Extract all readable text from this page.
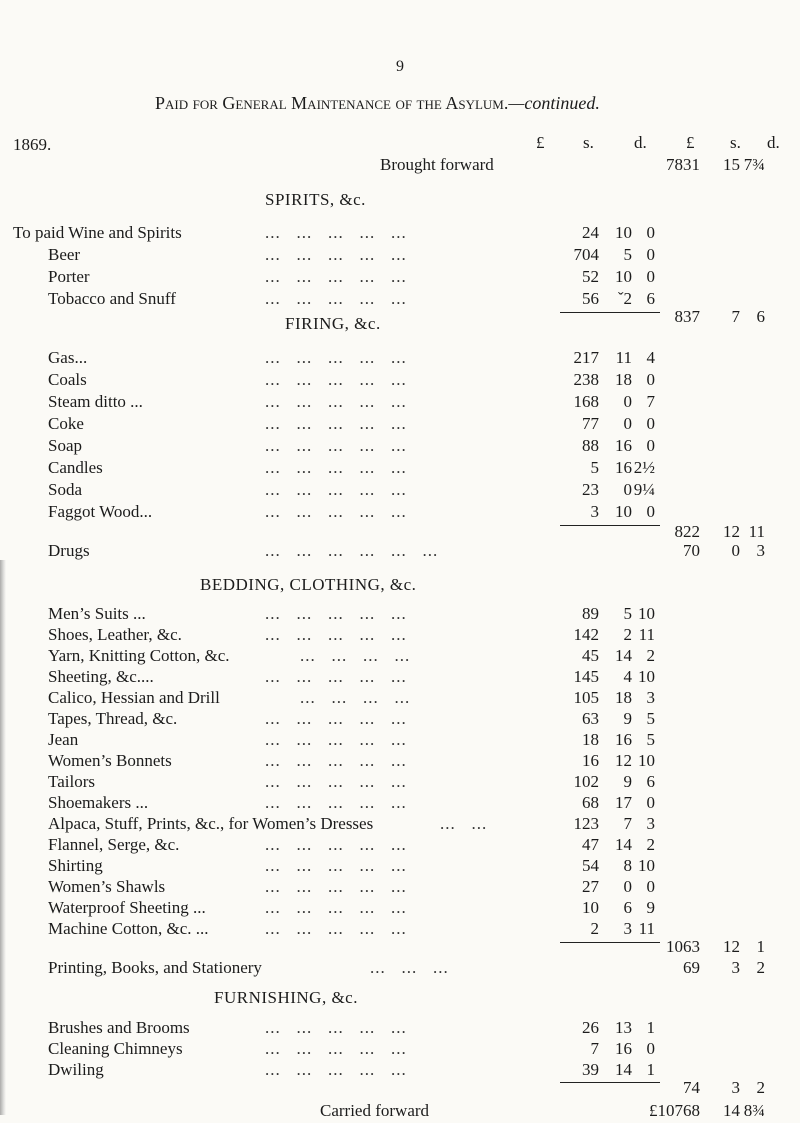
9
Paid for General Maintenance of the Asylum.—continued.
1869.	£ s. d. £ s. d.
Brought forward	7831	15 7¾
SPIRITS, &c.
To paid Wine and Spirits	...   ...   ...   ...   ...	24 10 0
Beer	...   ...   ...   ...   ...	704	5 0
Porter	...   ...   ...   ...   ...	52 10 0
Tobacco and Snuff	...   ...   ...   ...   ...	56	ˇ2 6
837	7 6
FIRING, &c.
Gas...	...   ...   ...   ...   ...	217 11 4
Coals	...   ...   ...   ...   ...	238 18 0
Steam ditto ...	...   ...   ...   ...   ...	168	0 7
Coke	...   ...   ...   ...   ...	77	0 0
Soap	...   ...   ...   ...   ...	88 16 0
Candles	...   ...   ...   ...   ...	5 16 2½
Soda	...   ...   ...   ...   ...	23	0 9¼
Faggot Wood...	...   ...   ...   ...   ...	3 10 0
822	12 11
Drugs	...   ...   ...   ...   ...   ...	70	0 3
BEDDING, CLOTHING, &c.
Men’s Suits ...	...   ...   ...   ...   ...	89	5 10
Shoes, Leather, &c.	...   ...   ...   ...   ...	142	2 11
Yarn, Knitting Cotton, &c.	...   ...   ...   ...	45 14 2
Sheeting, &c....	...   ...   ...   ...   ...	145	4 10
Calico, Hessian and Drill	...   ...   ...   ...	105 18 3
Tapes, Thread, &c.	...   ...   ...   ...   ...	63	9 5
Jean	...   ...   ...   ...   ...	18 16 5
Women’s Bonnets	...   ...   ...   ...   ...	16 12 10
Tailors	...   ...   ...   ...   ...	102	9 6
Shoemakers ...	...   ...   ...   ...   ...	68 17 0
Alpaca, Stuff, Prints, &c., for Women’s Dresses	...   ...	123	7 3
Flannel, Serge, &c.	...   ...   ...   ...   ...	47 14 2
Shirting	...   ...   ...   ...   ...	54	8 10
Women’s Shawls	...   ...   ...   ...   ...	27	0 0
Waterproof Sheeting ...	...   ...   ...   ...   ...	10	6 9
Machine Cotton, &c. ...	...   ...   ...   ...   ...	2	3 11
1063	12 1
Printing, Books, and Stationery	...   ...   ...	69	3 2
FURNISHING, &c.
Brushes and Brooms	...   ...   ...   ...   ...	26 13 1
Cleaning Chimneys	...   ...   ...   ...   ...	7 16 0
Dwiling	...   ...   ...   ...   ...	39 14 1
74	3 2
Carried forward	£10768	14 8¾
